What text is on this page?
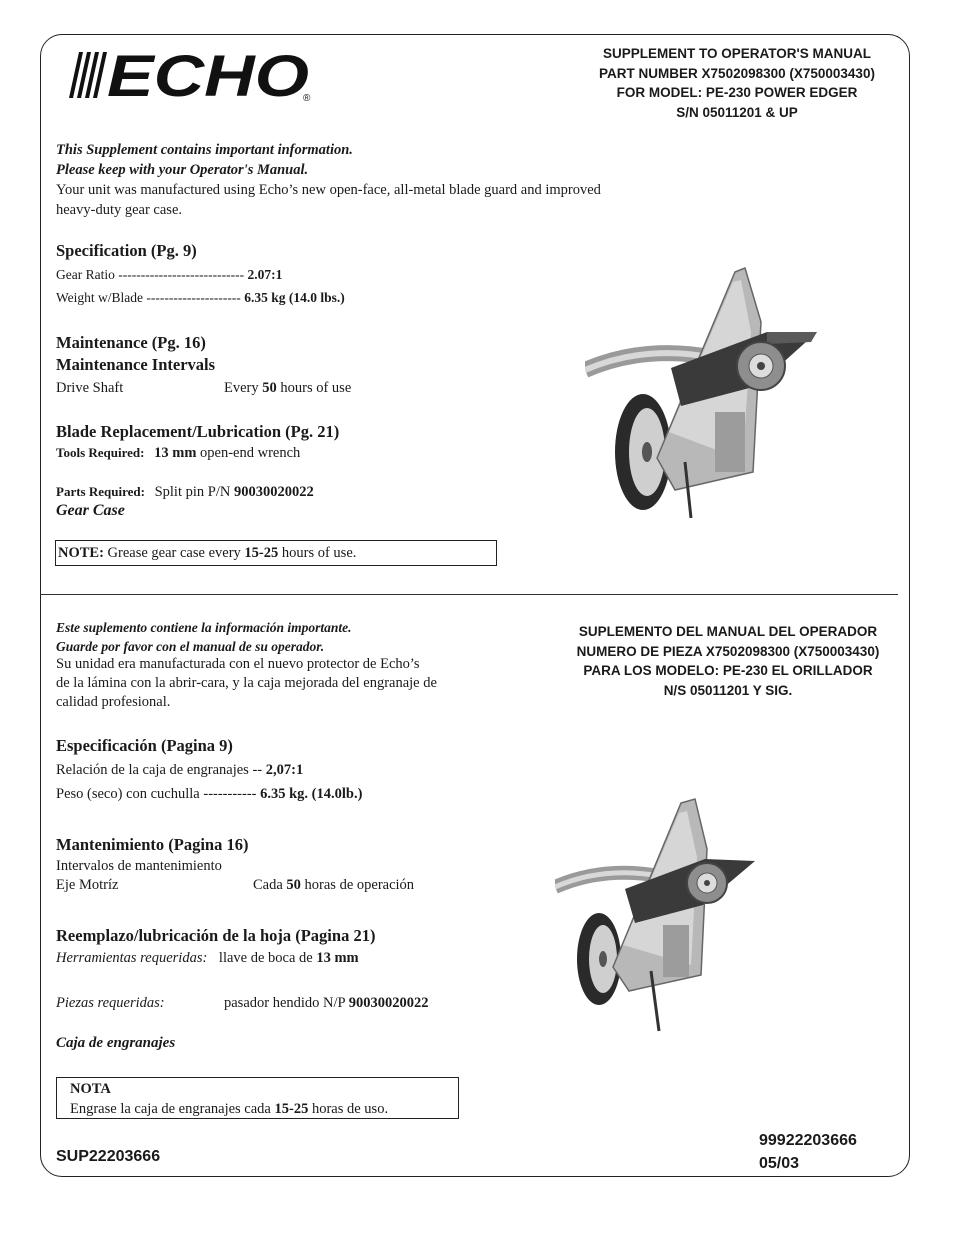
ECHO
®
SUPPLEMENT TO OPERATOR'S MANUAL
PART NUMBER X7502098300 (X750003430)
FOR MODEL: PE-230 POWER EDGER
S/N 05011201 & UP
This Supplement contains important information.
Please keep with your Operator's Manual.
Your unit was manufactured using Echo’s new open-face, all-metal blade guard and improved
heavy-duty gear case.
Specification (Pg. 9)
Gear Ratio ---------------------------- 2.07:1
Weight w/Blade --------------------- 6.35 kg (14.0 lbs.)
Maintenance (Pg. 16)
Maintenance Intervals
Drive Shaft	Every 50 hours of use
Blade Replacement/Lubrication (Pg. 21)
Tools Required: 13 mm open-end wrench
Parts Required: Split pin P/N 90030020022
Gear Case
NOTE: Grease gear case every 15-25 hours of use.
Este suplemento contiene la información importante.
Guarde por favor con el manual de su operador.
Su unidad era manufacturada con el nuevo protector de Echo’s
de la lámina con la abrir-cara, y la caja mejorada del engranaje de
calidad profesional.
SUPLEMENTO DEL MANUAL DEL OPERADOR
NUMERO DE PIEZA X7502098300 (X750003430)
PARA LOS MODELO: PE-230 EL ORILLADOR
N/S 05011201 Y SIG.
Especificación (Pagina 9)
Relación de la caja de engranajes -- 2,07:1
Peso (seco) con cuchulla ----------- 6.35 kg. (14.0lb.)
Mantenimiento (Pagina 16)
Intervalos de mantenimiento
Eje Motríz	Cada 50 horas de operación
Reemplazo/lubricación de la hoja (Pagina 21)
Herramientas requeridas: llave de boca de 13 mm
Piezas requeridas:	pasador hendido N/P 90030020022
Caja de engranajes
NOTA
Engrase la caja de engranajes cada 15-25 horas de uso.
SUP22203666
99922203666
05/03
